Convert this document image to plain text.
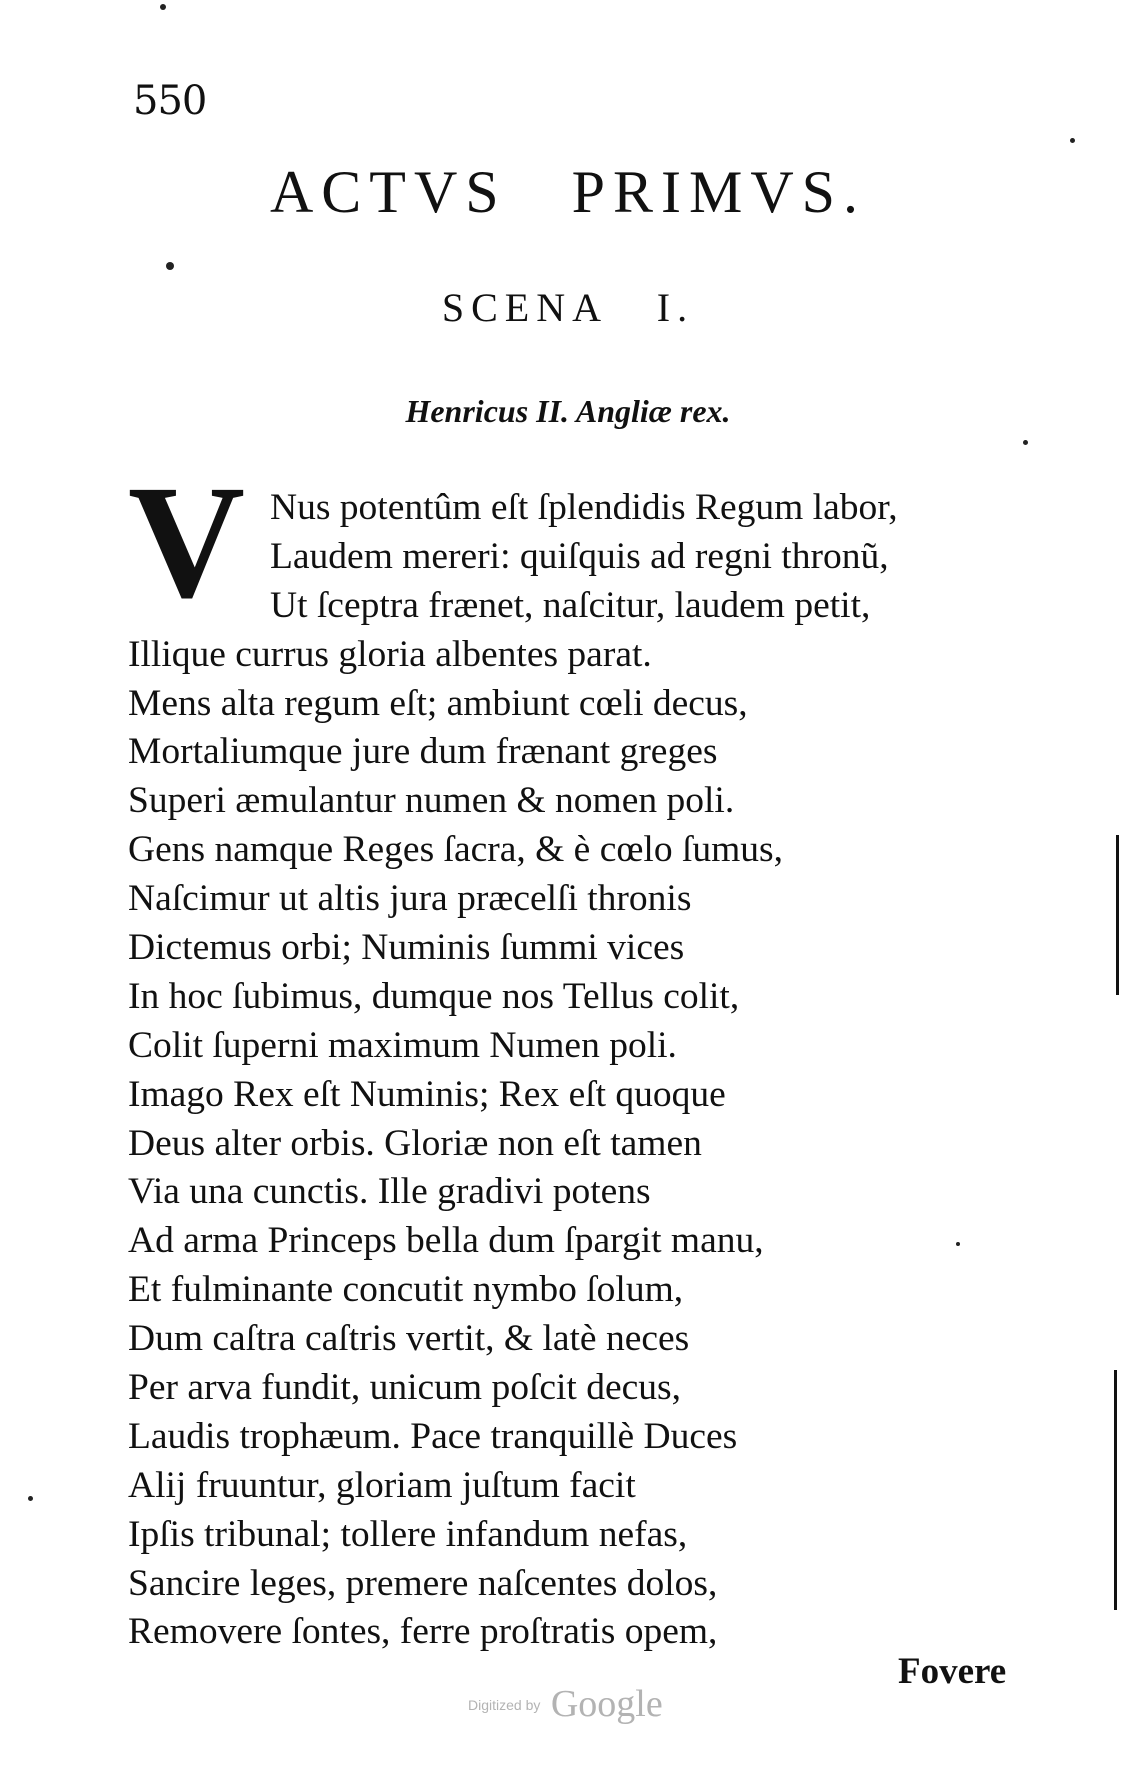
550
ACTVS PRIMVS.
SCENA I.
Henricus II. Angliæ rex.
V Nus potentûm eſt ſplendidis Regum labor,
Laudem mereri: quiſquis ad regni thronũ,
Ut ſceptra frænet, naſcitur, laudem petit,
Illique currus gloria albentes parat.
Mens alta regum eſt; ambiunt cœli decus,
Mortaliumque jure dum frænant greges
Superi æmulantur numen & nomen poli.
Gens namque Reges ſacra, & è cœlo ſumus,
Naſcimur ut altis jura præcelſi thronis
Dictemus orbi; Numinis ſummi vices
In hoc ſubimus, dumque nos Tellus colit,
Colit ſuperni maximum Numen poli.
Imago Rex eſt Numinis; Rex eſt quoque
Deus alter orbis. Gloriæ non eſt tamen
Via una cunctis. Ille gradivi potens
Ad arma Princeps bella dum ſpargit manu,
Et fulminante concutit nymbo ſolum,
Dum caſtra caſtris vertit, & latè neces
Per arva fundit, unicum poſcit decus,
Laudis trophæum. Pace tranquillè Duces
Alij fruuntur, gloriam juſtum facit
Ipſis tribunal; tollere infandum nefas,
Sancire leges, premere naſcentes dolos,
Removere ſontes, ferre proſtratis opem,
Fovere
Digitized by Google
